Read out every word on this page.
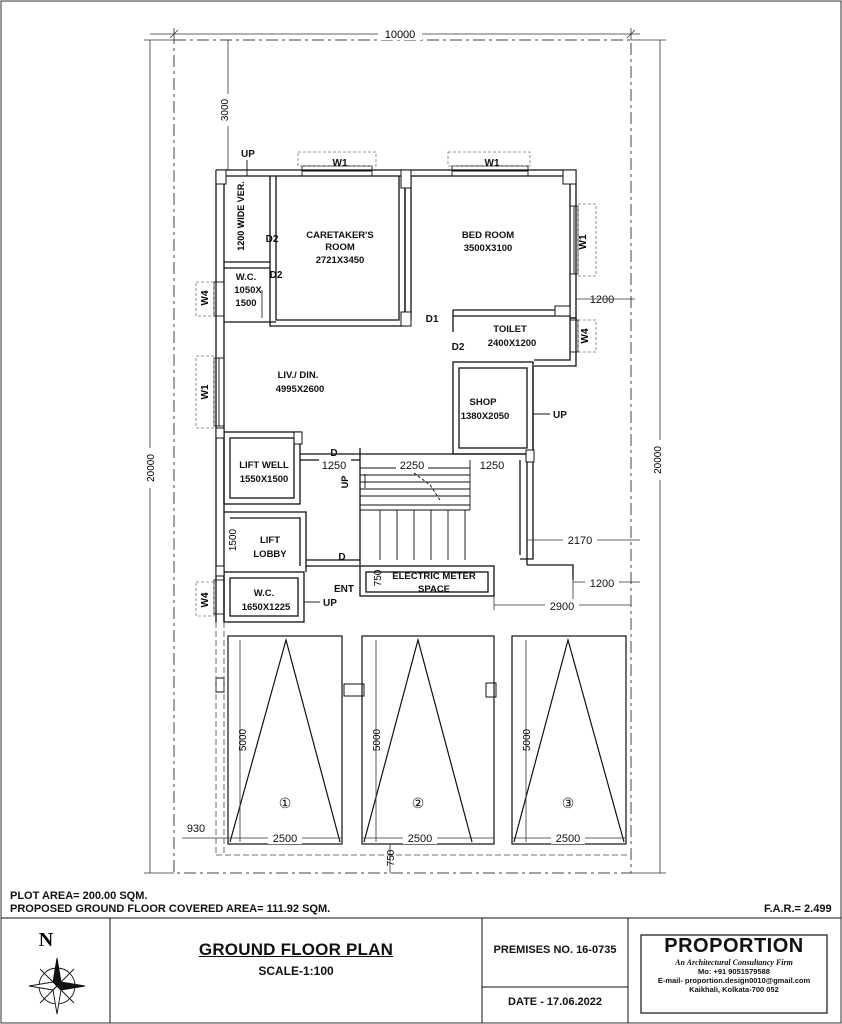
10000
20000	20000
3000
CARETAKER'S
ROOM
2721X3450
BED ROOM
3500X3100
W.C.
1050X
1500
TOILET
2400X1200
LIV./ DIN.
4995X2600
SHOP
1380X2050
LIFT WELL
1550X1500
LIFT
LOBBY
W.C.
1650X1225
ELECTRIC METER
SPACE
D2
D2
D1
D2
D
D
ENT
W1	W1
W1
W1
W4
W4
W4
1200 WIDE VER.
UP
UP
UP
UP
1200
1250	2250	1250
2170
1200
2900
2500	2500	2500
930
1500
750
5000	5000	5000
750
①	②	③
N
PLOT AREA= 200.00 SQM.
PROPOSED GROUND FLOOR COVERED AREA= 111.92 SQM.	F.A.R.= 2.499
GROUND FLOOR PLAN
SCALE-1:100
PREMISES NO. 16-0735
DATE - 17.06.2022
PROPORTION
An Architectural Consultancy Firm
Mo: +91 9051579588
E-mail- proportion.design0010@gmail.com
Kaikhali, Kolkata-700 052
